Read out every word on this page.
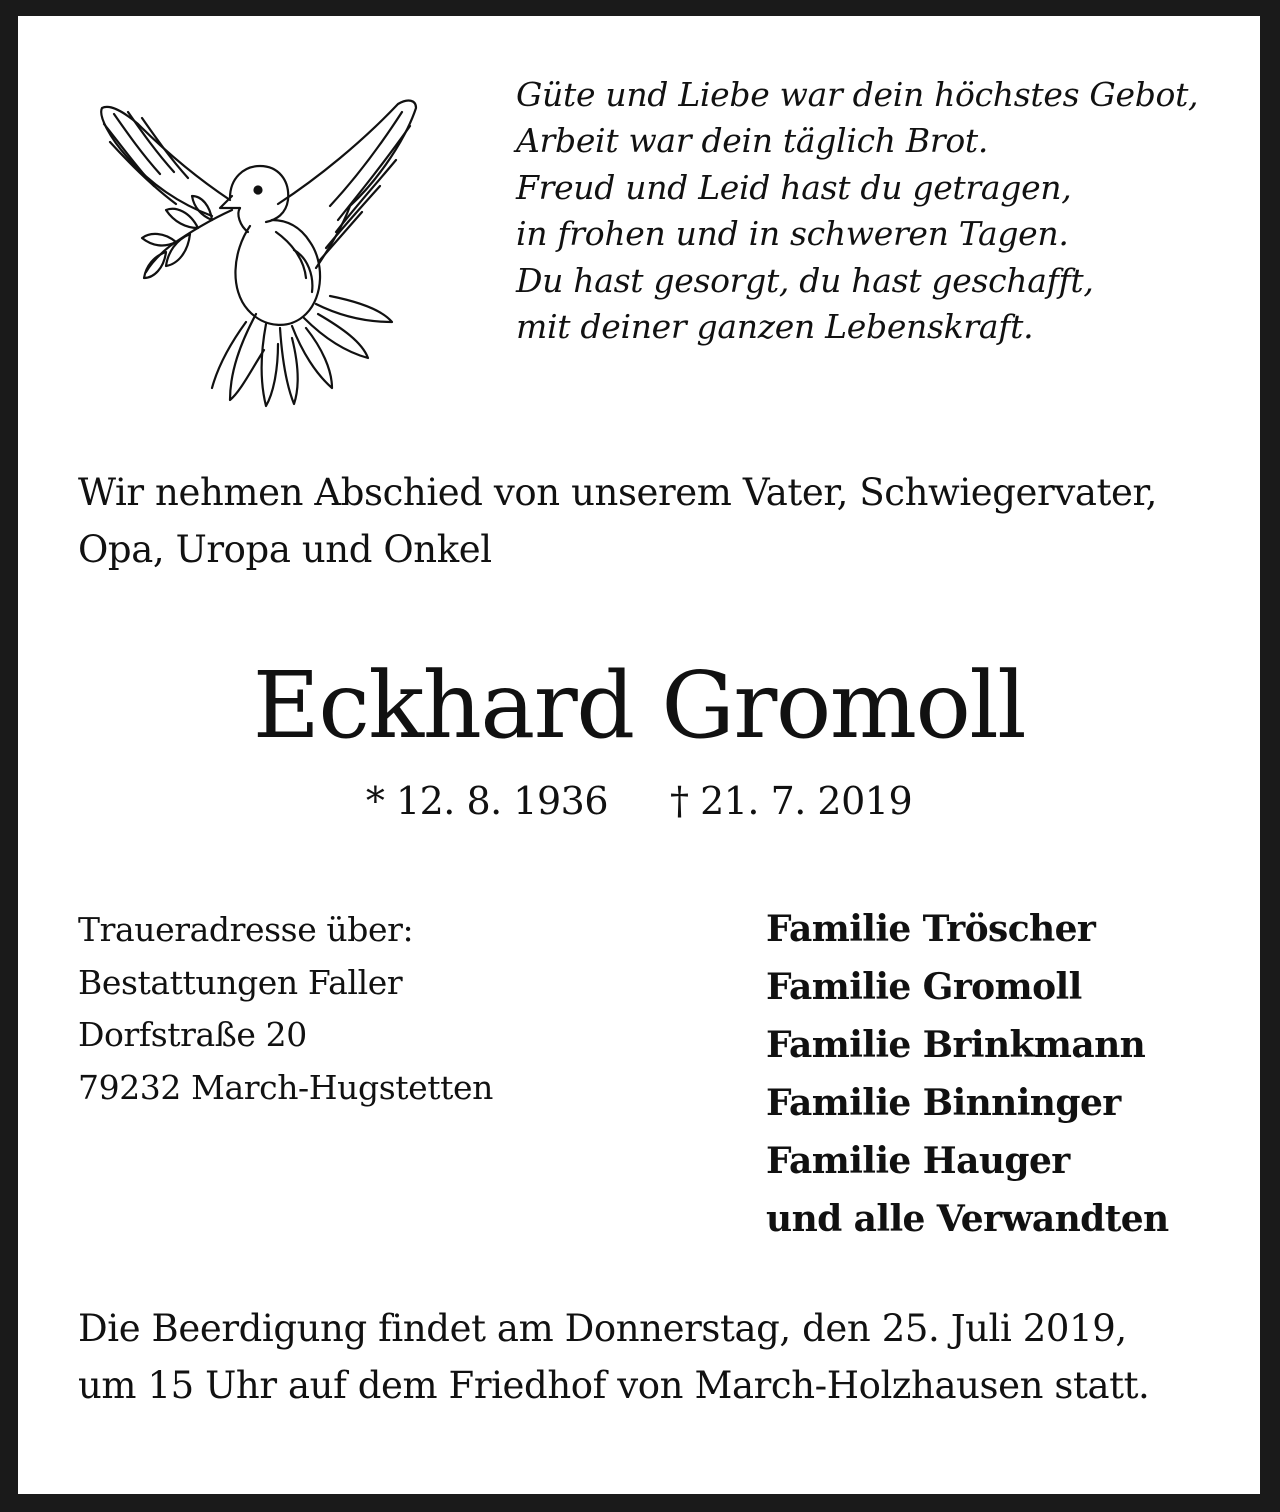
Güte und Liebe war dein höchstes Gebot,
Arbeit war dein täglich Brot.
Freud und Leid hast du getragen,
in frohen und in schweren Tagen.
Du hast gesorgt, du hast geschafft,
mit deiner ganzen Lebenskraft.
Wir nehmen Abschied von unserem Vater, Schwiegervater,
Opa, Uropa und Onkel
Eckhard Gromoll
* 12. 8. 1936 † 21. 7. 2019
Traueradresse über:
Bestattungen Faller
Dorfstraße 20
79232 March-Hugstetten
Familie Tröscher
Familie Gromoll
Familie Brinkmann
Familie Binninger
Familie Hauger
und alle Verwandten
Die Beerdigung findet am Donnerstag, den 25. Juli 2019,
um 15 Uhr auf dem Friedhof von March-Holzhausen statt.
